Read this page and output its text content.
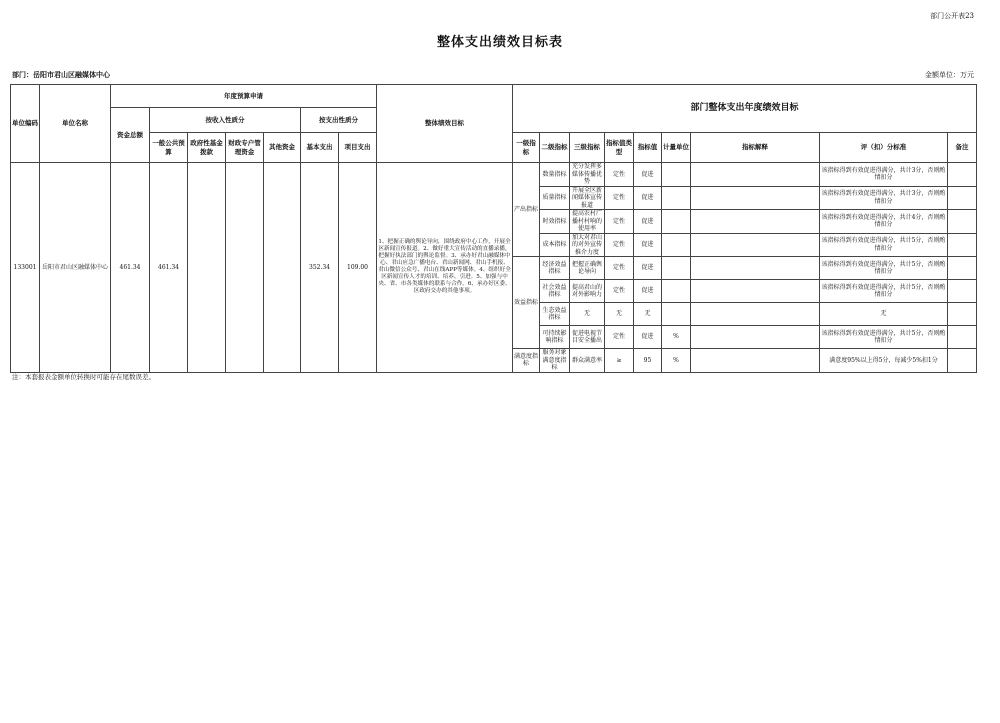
部门公开表23
整体支出绩效目标表
部门：岳阳市君山区融媒体中心	金额单位：万元
单位编码	单位名称	年度预算申请							整体绩效目标	部门整体支出年度绩效目标								
		资金总额	按收入性质分				按支出性质分											
			一般公共预算	政府性基金拨款	财政专户管理资金	其他资金	基本支出	项目支出		一级指标	二级指标	三级指标	指标值类型	指标值	计量单位	指标解释	评（扣）分标准	备注
133001	岳阳市君山区融媒体中心	461.34	461.34				352.34	109.00	1、把握正确的舆论导向，围绕政府中心工作，开展全区新闻宣传报道。2、做好重大宣传活动的直播录播，把握好执法部门的舆论监督。3、承办好君山融媒体中心、君山应急广播电台、君山新闻网、君山手机报、君山微信公众号、君山在线APP等媒体。4、组织好全区新闻宣传人才的培训、培养、引进。5、加强与中央、省、市各类媒体的联系与合作。6、承办好区委、区政府交办的其他事项。	产出指标	数量指标	充分发挥多媒体传播优势	定性	促进			该指标得到有效促进得满分，共计3分，否则酌情扣分	
											质量指标	开展全区新闻媒体宣传报道	定性	促进			该指标得到有效促进得满分，共计3分，否则酌情扣分	
											时效指标	提高农村广播村村响的使用率	定性	促进			该指标得到有效促进得满分，共计4分，否则酌情扣分	
											成本指标	加大对君山的对外宣传推介力度	定性	促进			该指标得到有效促进得满分，共计5分，否则酌情扣分	
										效益指标	经济效益指标	把握正确舆论导向	定性	促进			该指标得到有效促进得满分，共计5分，否则酌情扣分	
											社会效益指标	提高君山的对外影响力	定性	促进			该指标得到有效促进得满分，共计5分，否则酌情扣分	
											生态效益指标	无	无	无			无	
											可持续影响指标	促进电视节目安全播出	定性	促进	%		该指标得到有效促进得满分，共计5分，否则酌情扣分	
										满意度指标	服务对象满意度指标	群众满意率	≥	95	%		满意度95%以上得5分，每减少5%扣1分	
注：本套报表金额单位转换时可能存在尾数误差。
